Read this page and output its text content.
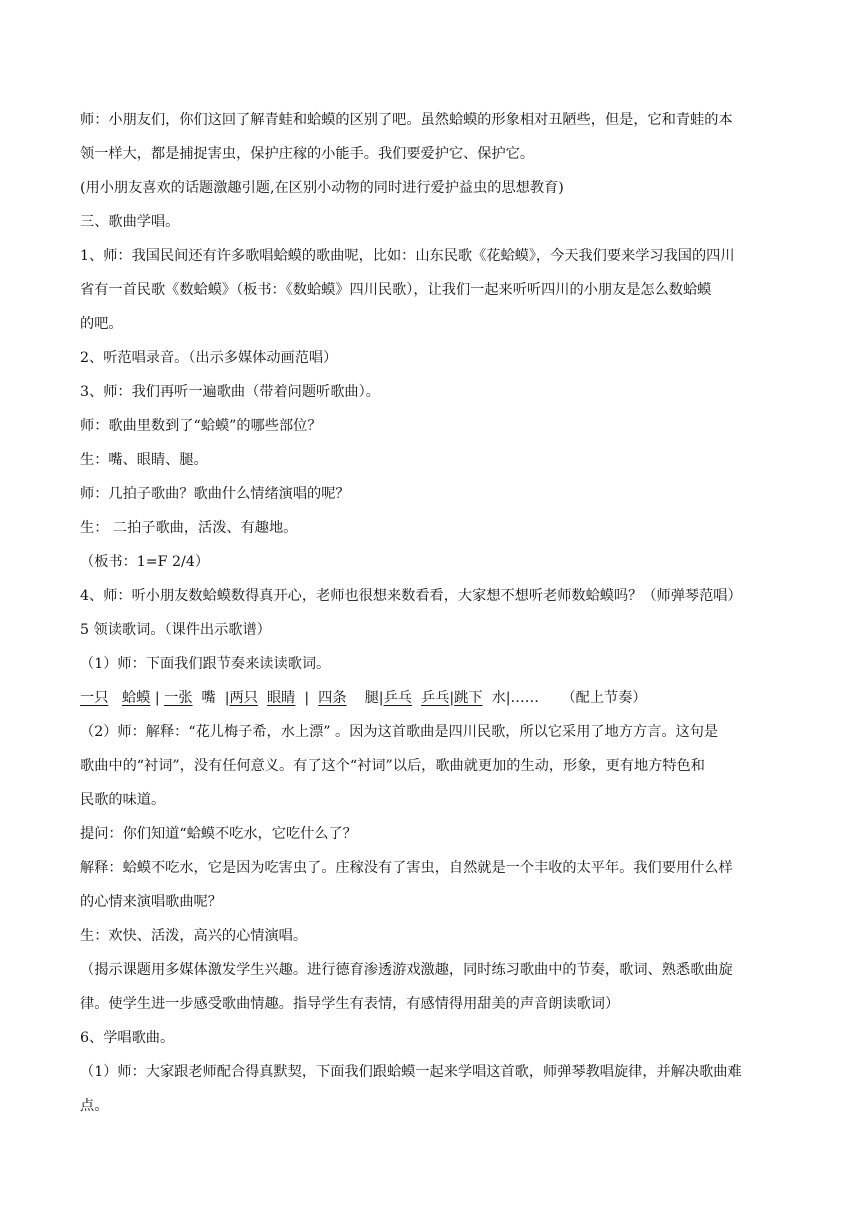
师：小朋友们，你们这回了解青蛙和蛤蟆的区别了吧。虽然蛤蟆的形象相对丑陋些，但是，它和青蛙的本
领一样大，都是捕捉害虫，保护庄稼的小能手。我们要爱护它、保护它。
(用小朋友喜欢的话题激趣引题,在区别小动物的同时进行爱护益虫的思想教育)
三、歌曲学唱。
1、师：我国民间还有许多歌唱蛤蟆的歌曲呢，比如：山东民歌《花蛤蟆》，今天我们要来学习我国的四川
省有一首民歌《数蛤蟆》（板书：《数蛤蟆》四川民歌），让我们一起来听听四川的小朋友是怎么数蛤蟆
的吧。
2、听范唱录音。（出示多媒体动画范唱）
3、师：我们再听一遍歌曲（带着问题听歌曲）。
师：歌曲里数到了“蛤蟆”的哪些部位？
生：嘴、眼睛、腿。
师：几拍子歌曲？歌曲什么情绪演唱的呢？
生： 二拍子歌曲，活泼、有趣地。
（板书：1=F 2/4）
4、师：听小朋友数蛤蟆数得真开心，老师也很想来数看看，大家想不想听老师数蛤蟆吗？（师弹琴范唱）
5 领读歌词。（课件出示歌谱）
（1）师：下面我们跟节奏来读读歌词。
一只
蛤蟆 | 一张 嘴  | 两只
眼睛 | 四条 腿| 乒乓
乒乓 | 跳下 水|……     （配上节奏）
（2）师：解释：“花儿梅子希，水上漂” 。因为这首歌曲是四川民歌，所以它采用了地方方言。这句是
歌曲中的“衬词”，没有任何意义。有了这个“衬词”以后，歌曲就更加的生动，形象，更有地方特色和
民歌的味道。
提问：你们知道“蛤蟆不吃水，它吃什么了？
解释：蛤蟆不吃水，它是因为吃害虫了。庄稼没有了害虫，自然就是一个丰收的太平年。我们要用什么样
的心情来演唱歌曲呢？
生：欢快、活泼，高兴的心情演唱。
（揭示课题用多媒体激发学生兴趣。进行德育渗透游戏激趣，同时练习歌曲中的节奏，歌词、熟悉歌曲旋
律。使学生进一步感受歌曲情趣。指导学生有表情，有感情得用甜美的声音朗读歌词）
6、学唱歌曲。
（1）师：大家跟老师配合得真默契，下面我们跟蛤蟆一起来学唱这首歌，师弹琴教唱旋律，并解决歌曲难
点。
